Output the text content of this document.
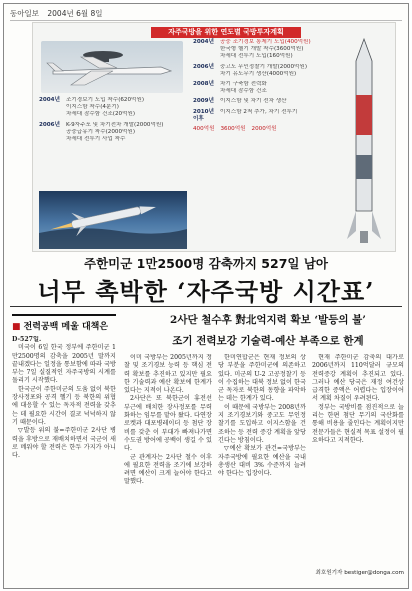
동아일보 2004년 6월 8일
자주국방을 위한 연도별 국방투자계획
2004년	조기경보기 도입 착수(620억원)
이지스함 착수(4분기)
차세대 잠수함 건조(20억원)
2006년	K-9자주포 및 차기전차 개발(2000억원)
공중급유기 착수(2000억원)
차세대 전투기 사업 착수
2004년	공중 조기경보 통제기 도입(400억원)
한국형 헬기 개발 착수(3600억원)
차세대 전투기 도입(160억원)
2006년	중고도 무인정찰기 개발(2000억원)
차기 유도무기 생산(4000억원)
2008년	차기 구축함 전력화
차세대 잠수함 건조
2009년	이지스함 및 차기 전차 생산
2010년 이후
이지스함 2척 추가, 차기 전투기
400억원 3600억원 2000억원
주한미군 1만2500명 감축까지 527일 남아
너무 촉박한 ‘자주국방 시간표’
■ 전력공백 메울 대책은
2사단 철수후 對北억지력 확보 ‘발등의 불’
조기 전력보강 기술력-예산 부족으로 한계

D-527일.

미국이 6일 한국 정부에 주한미군 1만2500명의 감축을 2005년 말까지 끝내겠다는 일정을 통보함에 따라 국방부는 7일 실질적인 자주국방의 시계를 돌리기 시작했다.

한국군이 주한미군의 도움 없이 북한 장사정포와 공격 헬기 등 북한의 위협에 대응할 수 있는 독자적 전력을 갖추는 데 필요한 시간이 결코 넉넉하지 않기 때문이다.

▽발등 위의 불=주한미군 2사단 병력을 후방으로 재배치하면서 국군이 새로 메워야 할 전력은 한두 가지가 아니다.

이미 국방부는 2005년까지 정찰 및 조기경보 능력 등 핵심 전력 확보를 추진하고 있지만 필요한 기술력과 예산 확보에 한계가 있다는 지적이 나온다.

2사단은 또 북한군이 휴전선 부근에 배치한 장사정포를 무력화하는 임무를 맡아 왔다. 다연장로켓과 대포병레이더 등 첨단 장비를 갖춘 이 부대가 빠져나가면 수도권 방어에 공백이 생길 수 있다.

군 관계자는 2사단 철수 이후에 필요한 전력을 조기에 보강하려면 예산이 크게 늘어야 한다고 말했다.

한미연합군은 현재 정보의 상당 부분을 주한미군에 의존하고 있다. 미군의 U-2 고공정찰기 등이 수집하는 대북 정보 없이 한국군 독자로 북한의 동향을 파악하는 데는 한계가 있다.

이 때문에 국방부는 2008년까지 조기경보기와 중고도 무인정찰기를 도입하고 이지스함을 건조하는 등 전력 증강 계획을 앞당긴다는 방침이다.

▽예산 확보가 관건=국방부는 자주국방에 필요한 예산을 국내총생산 대비 3% 수준까지 늘려야 한다는 입장이다.

현재 주한미군 감축의 대가로 2006년까지 110억달러 규모의 전력증강 계획이 추진되고 있다. 그러나 예산 당국은 재정 여건상 급격한 증액은 어렵다는 입장이어서 계획 차질이 우려된다.

정부는 국방비를 점진적으로 늘리는 한편 첨단 무기의 국산화를 통해 비용을 줄인다는 계획이지만 전문가들은 현실적 목표 설정이 필요하다고 지적한다.

최호원기자 bestiger@donga.com
